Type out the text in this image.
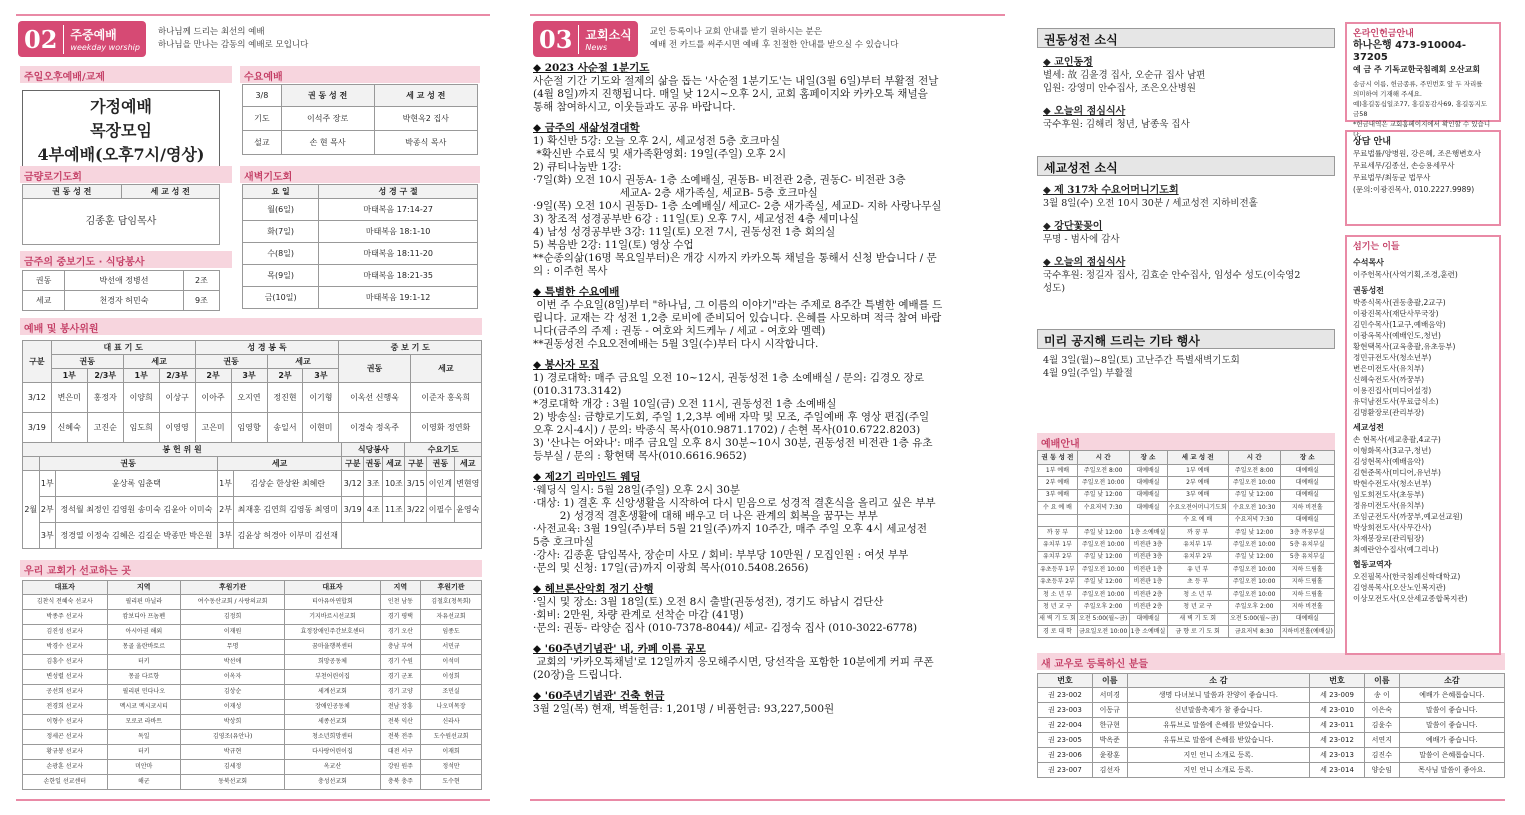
02	주중예배
weekday worship
하나님께 드리는 최선의 예배
하나님을 만나는 감동의 예배로 모입니다
주일오후예배/교제
가정예배
목장모임
4부예배(오후7시/영상)
금량로기도회
권 동 성 전	세 교 성 전
김종훈 담임목사
금주의 중보기도 · 식당봉사
권동	박선애 정병선	2조
세교	천경자 허민숙	9조
수요예배
3/8	권 동 성 전	세 교 성 전
기도	이석주 장로	박현옥2 집사
설교	손 현 목사	박종식 목사
새벽기도회
요 일	성 경 구 절
월(6일)	마태복음 17:14-27
화(7일)	마태복음 18:1-10
수(8일)	마태복음 18:11-20
목(9일)	마태복음 18:21-35
금(10일)	마태복음 19:1-12
예배 및 봉사위원
구분	대 표 기 도				성 경 봉 독				중 보 기 도	
	권동		세교		권동		세교		권동	세교
	1부	2/3부	1부	2/3부	2부	3부	2부	3부		
3/12	변은미	홍정자	이양희	이상구	이아주	오지연	정진현	이기형	이옥선 신행욱	이준자 홍옥희
3/19	신혜숙	고진순	임도희	이영영	고은미	임영향	송일서	이현미	이경숙 정옥주	이영화 정연화
봉 헌 위 원					식당봉사			수요기도		
	권동		세교		구분	권동	세교	구분	권동	세교
2월	1부	윤상록 임춘택	1부	김상순 한상완 최혜란	3/12	3조	10조	3/15	이인계	변현영
	2부	정석월 최정인 김영원 송미숙 김윤아 이미숙	2부	최재홍 김연희 김영동 최영미	3/19	4조	11조	3/22	이필수	윤영숙
	3부	정경열 이정숙 김혜은 김길순 박종만 박은원	3부	김윤상 허경아 이부미 김선재						
우리 교회가 선교하는 곳
대표자	지역	후원기관	대표자	지역	후원기관
김찬식 전혜숙 선교사	필리핀 마닐라	여수동산교회 / 사랑의교회	티아유아연합회	인천 남동	김철호(청목회)
박종주 선교사	캄보디아 프놈펜	김정희	기지바르시선교회	경기 평택	자유선교회
김진성 선교사	아시아권 해외	이재원	효정장애인주간보호센터	경기 오산	임종도
박경수 선교사	몽골 울란바토르	무명	꿈마을행복센터	충남 부여	서민규
김흥수 선교사	터키	박선애	희망공동체	경기 수원	이석미
변성렬 선교사	몽골 다르항	이옥자	부천어린이집	경기 군포	이성희
공선희 선교사	필리핀 민다나오	김상순	세계선교회	경기 고양	조민실
전경희 선교사	멕시코 멕시코시티	이재성	장애인공동체	전남 장흥	나오미목장
이형수 선교사	모로코 라바트	박상희	세종선교회	전북 익산	신라사
정세곤 선교사	독일	김영조(유안나)	청소년희망센터	전북 전주	도수원선교회
황규봉 선교사	터키	박규현	다사랑어린이집	대전 서구	이재희
손광훈 선교사	미안마	김세정	옥교산	강원 원주	정석만
손한일 선교센터	해군	동북선교회	충성선교회	충북 충주	도수현
03	교회소식
News
교인 등록이나 교회 안내를 받기 원하시는 분은
예배 전 카드를 써주시면 예배 후 친절한 안내를 받으실 수 있습니다
◆ 2023 사순절 1분기도

사순절 기간 기도와 절제의 삶을 돕는 '사순절 1분기도'는 내일(3월 6일)부터 부활절 전날
(4월 8일)까지 진행됩니다. 매일 낮 12시~오후 2시, 교회 홈페이지와 카카오톡 채널을
통해 참여하시고, 이웃들과도 공유 바랍니다.

◆ 금주의 새삶성경대학

1) 확신반 5강: 오늘 오후 2시, 세교성전 5층 호크마실
*확신반 수료식 및 새가족환영회: 19일(주일) 오후 2시
2) 큐티나눔반 1강:
·7일(화) 오전 10시 권동A- 1층 소예배실, 권동B- 비전관 2층, 권동C- 비전관 3층
세교A- 2층 새가족실, 세교B- 5층 호크마실
·9일(목) 오전 10시 권동D- 1층 소예배실/ 세교C- 2층 새가족실, 세교D- 지하 사랑나무실
3) 창조적 성경공부반 6강 : 11일(토) 오후 7시, 세교성전 4층 세미나실
4) 남성 성경공부반 3강: 11일(토) 오전 7시, 권동성전 1층 회의실
5) 복음반 2강: 11일(토) 영상 수업
**순종의삶(16명 목요일부터)은 개강 시까지 카카오톡 채널을 통해서 신청 받습니다 / 문
의 : 이주헌 목사

◆ 특별한 수요예배

이번 주 수요일(8일)부터 "하나님, 그 이름의 이야기"라는 주제로 8주간 특별한 예배를 드
립니다. 교재는 각 성전 1,2층 로비에 준비되어 있습니다. 은혜를 사모하며 적극 참여 바랍
니다(금주의 주제 : 권동 - 여호와 치드케누 / 세교 - 여호와 멜렉)
**권동성전 수요오전예배는 5월 3일(수)부터 다시 시작합니다.

◆ 봉사자 모집

1) 경로대학: 매주 금요일 오전 10~12시, 권동성전 1층 소예배실 / 문의: 김경오 장로
(010.3173.3142)
*경로대학 개강 : 3월 10일(금) 오전 11시, 권동성전 1층 소예배실
2) 방송실: 금향로기도회, 주일 1,2,3부 예배 자막 및 모조, 주일예배 후 영상 편집(주일
오후 2시-4시) / 문의: 박종식 목사(010.9871.1702) / 손현 목사(010.6722.8203)
3) '산나는 어와나': 매주 금요일 오후 8시 30분~10시 30분, 권동성전 비전관 1층 유초
등부실 / 문의 : 황현택 목사(010.6616.9652)

◆ 제2기 리마인드 웨딩

·웨딩식 일시: 5월 28일(주일) 오후 2시 30분
·대상: 1) 결혼 후 신앙생활을 시작하여 다시 믿음으로 성경적 결혼식을 올리고 싶은 부부
2) 성경적 결혼생활에 대해 배우고 더 나은 관계의 회복을 꿈꾸는 부부
·사전교육: 3월 19일(주)부터 5월 21일(주)까지 10주간, 매주 주일 오후 4시 세교성전
5층 호크마실
·강사: 김종훈 담임목사, 장순미 사모 / 회비: 부부당 10만원 / 모집인원 : 여섯 부부
·문의 및 신청: 17일(금)까지 이광희 목사(010.5408.2656)

◆ 헤브론산악회 정기 산행

·일시 및 장소: 3월 18일(토) 오전 8시 출발(권동성전), 경기도 하남시 검단산
·회비: 2만원, 차량 관계로 선착순 마감 (41명)
·문의: 권동- 라양순 집사 (010-7378-8044)/ 세교- 김정숙 집사 (010-3022-6778)

◆ '60주년기념관' 내, 카페 이름 공모

교회의 '카카오톡채널'로 12일까지 응모해주시면, 당선작을 포함한 10분에게 커피 쿠폰
(20장)을 드립니다.

◆ '60주년기념관' 건축 헌금

3월 2일(목) 현재, 벽돌헌금: 1,201명 / 비품헌금: 93,227,500원

권동성전 소식

◆ 교인동정

별세: 故 김윤경 집사, 오순규 집사 남편
입원: 강영미 안수집사, 조은오산병원

◆ 오늘의 점심식사

국수후원: 김해리 청년, 남종욱 집사

세교성전 소식

◆ 제 317차 수요어머니기도회

3월 8일(수) 오전 10시 30분 / 세교성전 지하비전홀

◆ 강단꽃꽂이

무명 - 범사에 감사

◆ 오늘의 점심식사

국수후원: 정길자 집사, 김효순 안수집사, 임성수 성도(이숙영2
성도)

미리 공지해 드리는 기타 행사

4월 3일(월)~8일(토) 고난주간 특별새벽기도회
4월 9일(주일) 부활절

예배안내
권 동 성 전	시 간	장 소	세 교 성 전	시 간	장 소
1부 예배	주일오전 8:00	대예배실	1부 예배	주일오전 8:00	대예배실
2부 예배	주일오전 10:00	대예배실	2부 예배	주일오전 10:00	대예배실
3부 예배	주일 낮 12:00	대예배실	3부 예배	주일 낮 12:00	대예배실
수 요 예 배	수요저녁 7:30	대예배실	수요오전어머니기도회	수요오전 10:30	지하 비전홀
			수 요 예 배	수요저녁 7:30	대예배실
까 꿍 부	주일 낮 12:00	1층 소예배실	까 꿍 부	주일 낮 12:00	3층 까꿍부실
유치부 1부	주일오전 10:00	비전관 3층	유치부 1부	주일오전 10:00	5층 유치부실
유치부 2부	주일 낮 12:00	비전관 3층	유치부 2부	주일 낮 12:00	5층 유치부실
유초등부 1부	주일오전 10:00	비전관 1층	유 년 부	주일오전 10:00	지하 드림홀
유초등부 2부	주일 낮 12:00	비전관 1층	초 등 부	주일오전 10:00	지하 드림홀
청 소 년 부	주일오전 10:00	비전관 2층	청 소 년 부	주일오전 10:00	지하 드림홀
청 년 교 구	주일오후 2:00	비전관 2층	청 년 교 구	주일오후 2:00	지하 비전홀
새 벽 기 도 회	오전 5:00(월~금)	대예배실	새 벽 기 도 회	오전 5:00(월~금)	대예배실
경 로 대 학	금요일오전 10:00	1층 소예배실	금 향 로 기 도 회	금요저녁 8:30	지하비전홀(예배실)
새 교우로 등록하신 분들
번호	이름	소 감	번호	이름	소감
권 23-002	서미경	생명 다녀보니 말씀과 찬양이 좋습니다.	세 23-009	송 이	예배가 은혜롭습니다.
권 23-003	이동규	신년말씀축제가 참 좋습니다.	세 23-010	이은숙	말씀이 좋습니다.
권 22-004	한규현	유튜브로 말씀에 은혜를 받았습니다.	세 23-011	김윤수	말씀이 좋습니다.
권 23-005	박옥준	유튜브로 말씀에 은혜를 받았습니다.	세 23-012	서연지	예배가 좋습니다.
권 23-006	윤광훈	지인 언니 소개로 등록.	세 23-013	김진수	말씀이 은혜롭습니다.
권 23-007	김선자	지인 언니 소개로 등록.	세 23-014	양순임	목사님 말씀이 좋아요.
온라인헌금안내
하나은행 473-910004-37205
예 금 주 기독교한국침례회 오산교회
송금시 이름, 헌금종류, 주민번호 앞 두 자리를
의미하여 기재해 주세요.
예)홍길동십일조77, 홍길동감사69, 홍길동지도금58
*헌금내역은 교회홈페이지에서 확인할 수 있습니다.
상담 안내
무료법률/양병원, 강은혜, 조은행변호사
무료세무/김종선, 손승용세무사
무료법무/최동균 법무사
(문의:이광진목사, 010.2227.9989)
섬기는 이들
수석목사
이주헌목사(사역기획,조경,훈련)
권동성전
박종식목사(권동총괄,2교구)
이광진목사(재단사무국장)
김민수목사(1교구,예배음악)
이광옥목사(예배인도,청년)
황현택목사(교육총괄,유초등부)
정민규전도사(청소년부)
변은미전도사(유치부)
신혜숙전도사(까꿍부)
이용진집사(미디어설정)
유덕남전도사(무료급식소)
김명환장로(관리부장)
세교성전
손 현목사(세교총괄,4교구)
이형화목사(3교구,청년)
김성현목사(예배음악)
김현준목사(미디어,유년부)
박현수전도사(청소년부)
임도희전도사(초등부)
정유미전도사(유치부)
조임군전도사(까꿍부,예교선교원)
박상희전도사(사무간사)
차재봉장로(관리팀장)
최예란안수집사(예그리나)
협동교역자
오진필목사(한국침례신학대학교)
김영록목사(오산노인복지관)
이상모전도사(오산세교종합복지관)
